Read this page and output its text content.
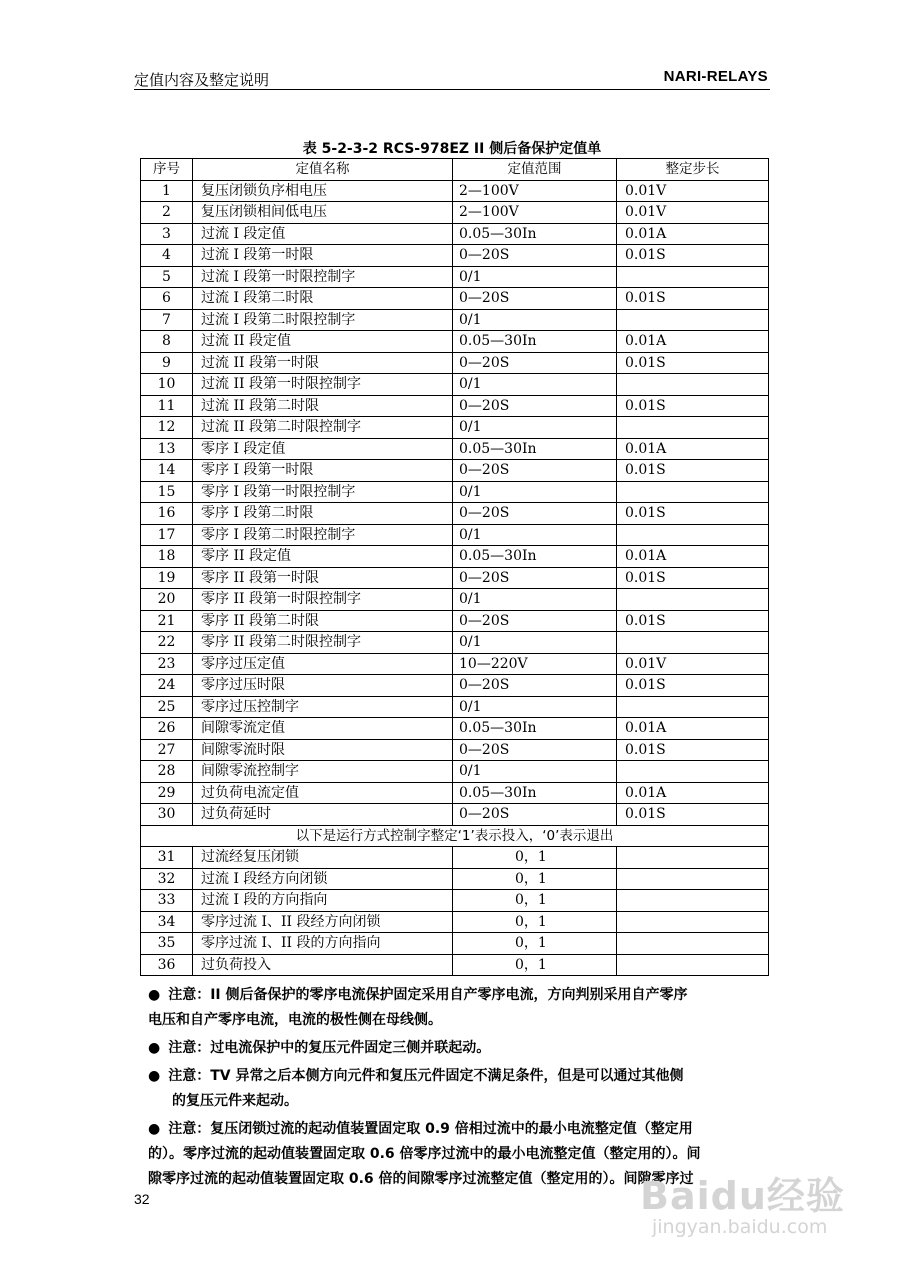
定值内容及整定说明	NARI-RELAYS
表 5-2-3-2 RCS-978EZ II 侧后备保护定值单
序号	定值名称	定值范围	整定步长
1	复压闭锁负序相电压	2—100V	0.01V
2	复压闭锁相间低电压	2—100V	0.01V
3	过流 I 段定值	0.05—30In	0.01A
4	过流 I 段第一时限	0—20S	0.01S
5	过流 I 段第一时限控制字	0/1	
6	过流 I 段第二时限	0—20S	0.01S
7	过流 I 段第二时限控制字	0/1	
8	过流 II 段定值	0.05—30In	0.01A
9	过流 II 段第一时限	0—20S	0.01S
10	过流 II 段第一时限控制字	0/1	
11	过流 II 段第二时限	0—20S	0.01S
12	过流 II 段第二时限控制字	0/1	
13	零序 I 段定值	0.05—30In	0.01A
14	零序 I 段第一时限	0—20S	0.01S
15	零序 I 段第一时限控制字	0/1	
16	零序 I 段第二时限	0—20S	0.01S
17	零序 I 段第二时限控制字	0/1	
18	零序 II 段定值	0.05—30In	0.01A
19	零序 II 段第一时限	0—20S	0.01S
20	零序 II 段第一时限控制字	0/1	
21	零序 II 段第二时限	0—20S	0.01S
22	零序 II 段第二时限控制字	0/1	
23	零序过压定值	10—220V	0.01V
24	零序过压时限	0—20S	0.01S
25	零序过压控制字	0/1	
26	间隙零流定值	0.05—30In	0.01A
27	间隙零流时限	0—20S	0.01S
28	间隙零流控制字	0/1	
29	过负荷电流定值	0.05—30In	0.01A
30	过负荷延时	0—20S	0.01S
以下是运行方式控制字整定‘1’表示投入，‘0’表示退出			
31	过流经复压闭锁	0，1	
32	过流 I 段经方向闭锁	0，1	
33	过流 I 段的方向指向	0，1	
34	零序过流 I、II 段经方向闭锁	0，1	
35	零序过流 I、II 段的方向指向	0，1	
36	过负荷投入	0，1	
● 注意：II 侧后备保护的零序电流保护固定采用自产零序电流，方向判别采用自产零序
电压和自产零序电流，电流的极性侧在母线侧。
● 注意：过电流保护中的复压元件固定三侧并联起动。
● 注意：TV 异常之后本侧方向元件和复压元件固定不满足条件，但是可以通过其他侧
的复压元件来起动。
● 注意：复压闭锁过流的起动值装置固定取 0.9 倍相过流中的最小电流整定值（整定用
的）。零序过流的起动值装置固定取 0.6 倍零序过流中的最小电流整定值（整定用的）。间
隙零序过流的起动值装置固定取 0.6 倍的间隙零序过流整定值（整定用的）。间隙零序过
32	Baidu经验
jingyan.baidu.com
